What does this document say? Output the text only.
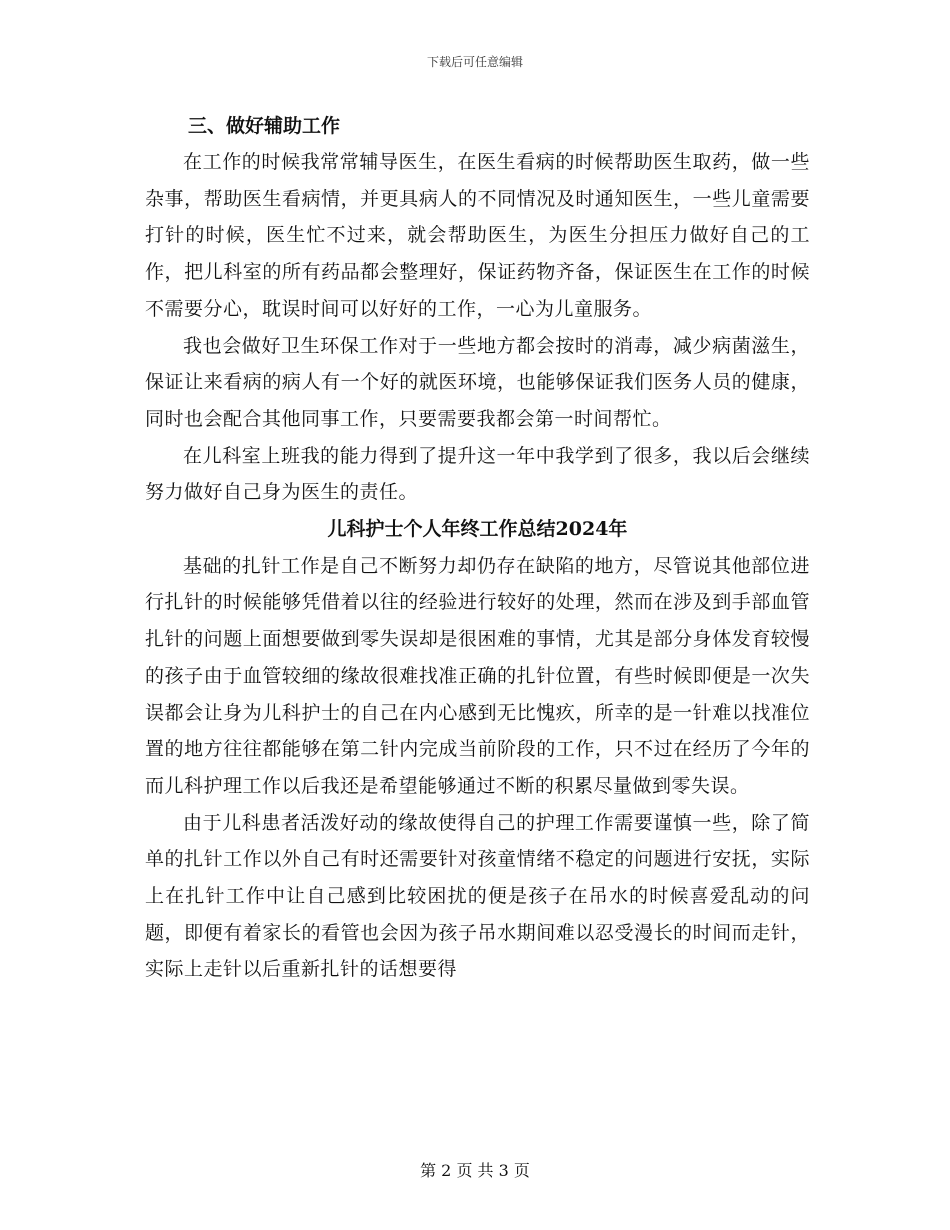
下载后可任意编辑

三、做好辅助工作

在工作的时候我常常辅导医生，在医生看病的时候帮助医生取药，做一些杂事，帮助医生看病情，并更具病人的不同情况及时通知医生，一些儿童需要打针的时候，医生忙不过来，就会帮助医生，为医生分担压力做好自己的工作，把儿科室的所有药品都会整理好，保证药物齐备，保证医生在工作的时候不需要分心，耽误时间可以好好的工作，一心为儿童服务。

我也会做好卫生环保工作对于一些地方都会按时的消毒，减少病菌滋生，保证让来看病的病人有一个好的就医环境，也能够保证我们医务人员的健康，同时也会配合其他同事工作，只要需要我都会第一时间帮忙。

在儿科室上班我的能力得到了提升这一年中我学到了很多，我以后会继续努力做好自己身为医生的责任。

儿科护士个人年终工作总结2024年

基础的扎针工作是自己不断努力却仍存在缺陷的地方，尽管说其他部位进行扎针的时候能够凭借着以往的经验进行较好的处理，然而在涉及到手部血管扎针的问题上面想要做到零失误却是很困难的事情，尤其是部分身体发育较慢的孩子由于血管较细的缘故很难找准正确的扎针位置，有些时候即便是一次失误都会让身为儿科护士的自己在内心感到无比愧疚，所幸的是一针难以找准位置的地方往往都能够在第二针内完成当前阶段的工作，只不过在经历了今年的而儿科护理工作以后我还是希望能够通过不断的积累尽量做到零失误。

由于儿科患者活泼好动的缘故使得自己的护理工作需要谨慎一些，除了简单的扎针工作以外自己有时还需要针对孩童情绪不稳定的问题进行安抚，实际上在扎针工作中让自己感到比较困扰的便是孩子在吊水的时候喜爱乱动的问题，即便有着家长的看管也会因为孩子吊水期间难以忍受漫长的时间而走针，实际上走针以后重新扎针的话想要得

第 2 页 共 3 页
